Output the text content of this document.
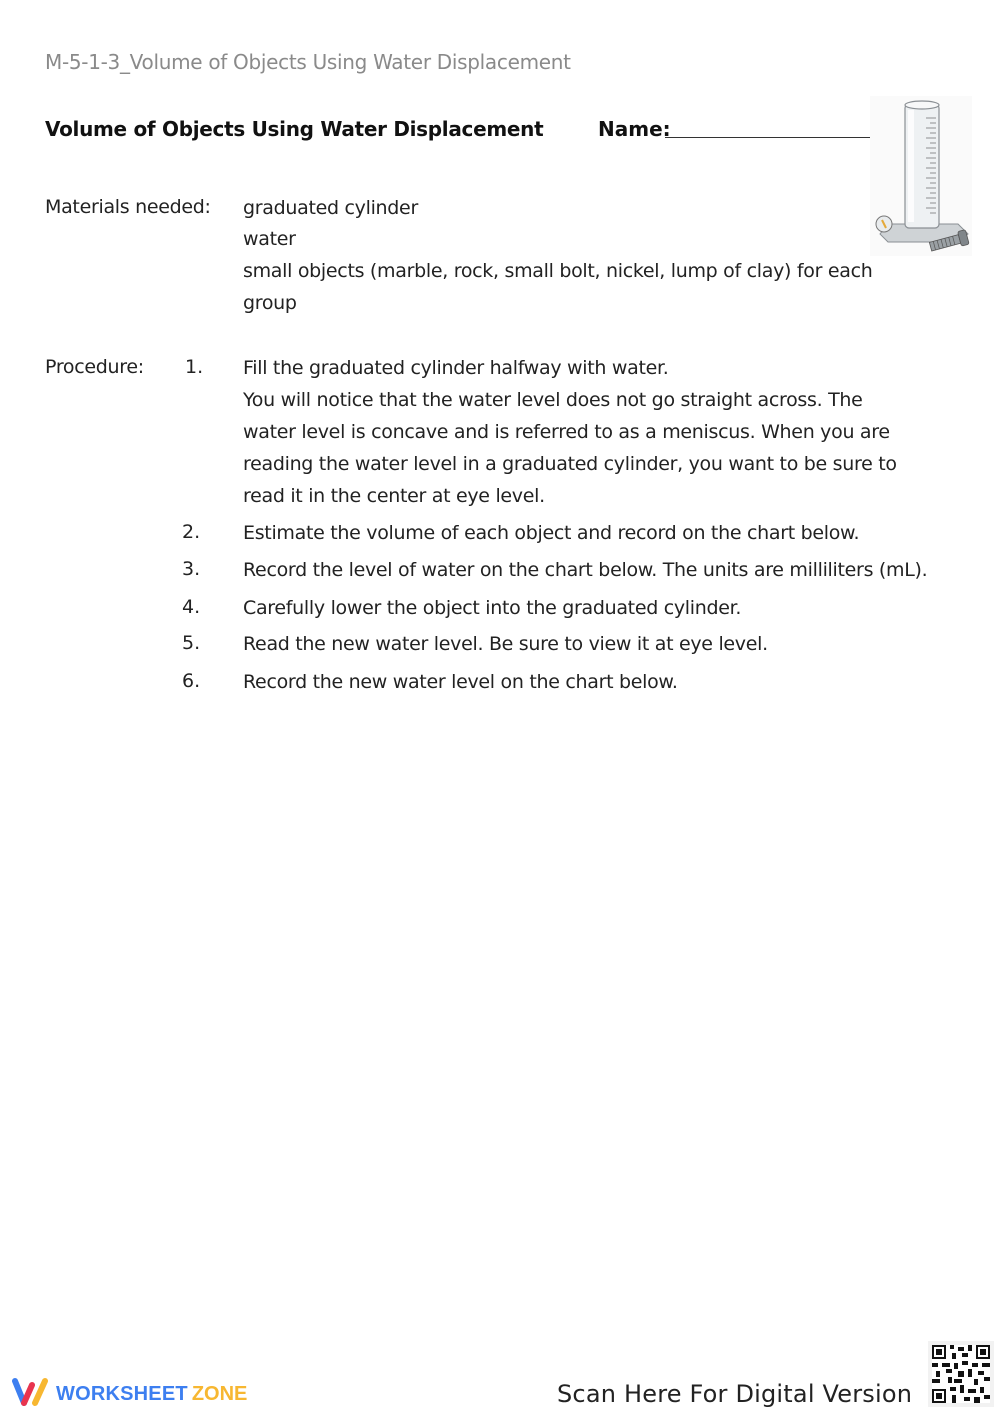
M-5-1-3_Volume of Objects Using Water Displacement
Volume of Objects Using Water Displacement	Name:
Materials needed: graduated cylinder
water
small objects (marble, rock, small bolt, nickel, lump of clay) for each
group
Procedure: 1. Fill the graduated cylinder halfway with water.
You will notice that the water level does not go straight across. The
water level is concave and is referred to as a meniscus. When you are
reading the water level in a graduated cylinder, you want to be sure to
read it in the center at eye level.
2. Estimate the volume of each object and record on the chart below.
3. Record the level of water on the chart below. The units are milliliters (mL).
4. Carefully lower the object into the graduated cylinder.
5. Read the new water level. Be sure to view it at eye level.
6. Record the new water level on the chart below.
WORKSHEET ZONE	Scan Here For Digital Version
